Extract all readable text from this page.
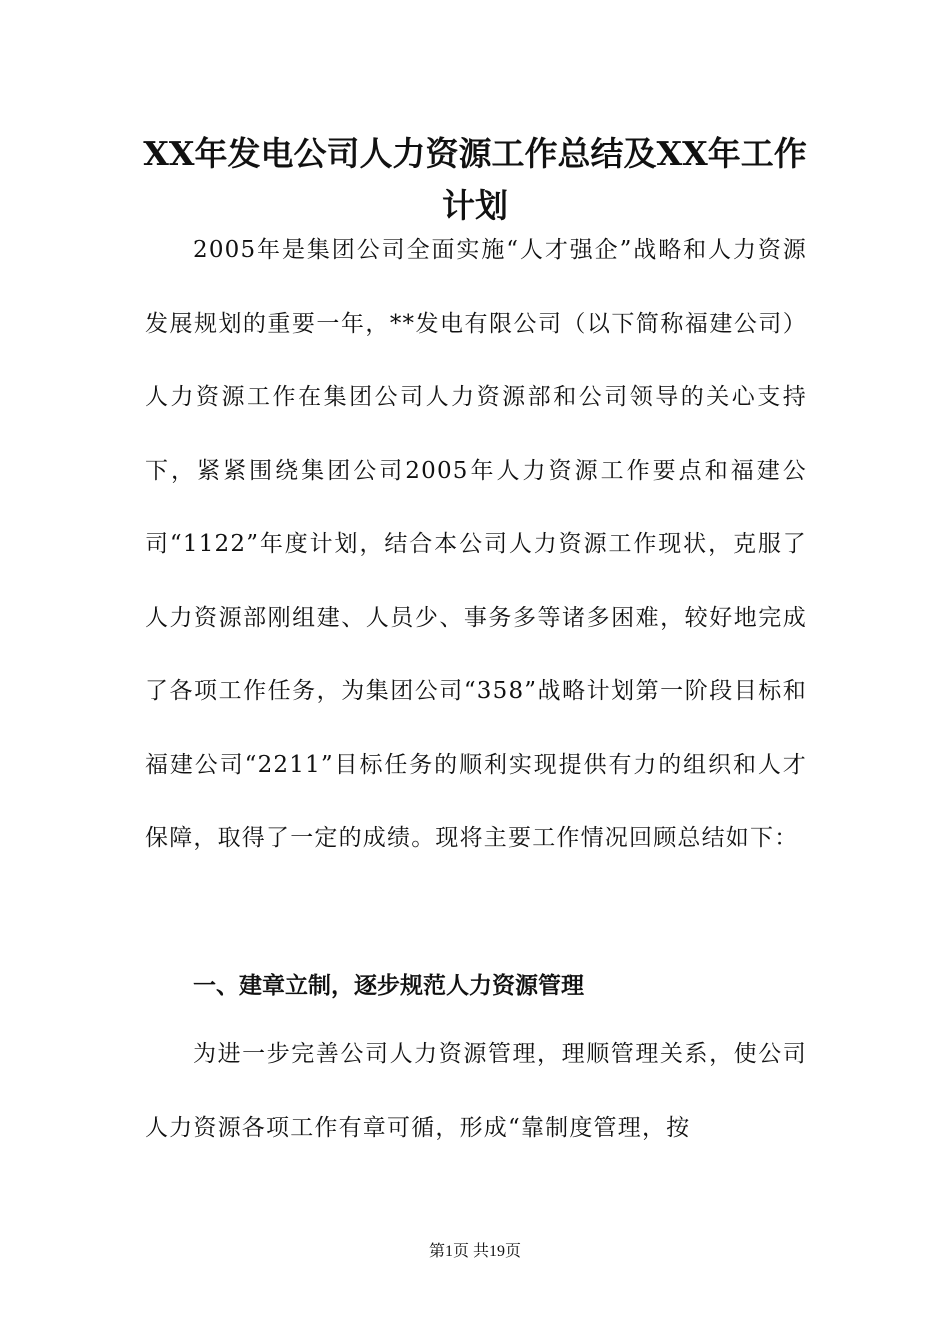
XX年发电公司人力资源工作总结及XX年工作计划

2005年是集团公司全面实施“人才强企”战略和人力资源发展规划的重要一年，**发电有限公司（以下简称福建公司）人力资源工作在集团公司人力资源部和公司领导的关心支持下，紧紧围绕集团公司2005年人力资源工作要点和福建公司“1122”年度计划，结合本公司人力资源工作现状，克服了人力资源部刚组建、人员少、事务多等诸多困难，较好地完成了各项工作任务，为集团公司“358”战略计划第一阶段目标和福建公司“2211”目标任务的顺利实现提供有力的组织和人才保障，取得了一定的成绩。现将主要工作情况回顾总结如下：

一、建章立制，逐步规范人力资源管理

为进一步完善公司人力资源管理，理顺管理关系，使公司人力资源各项工作有章可循，形成“靠制度管理，按

第1页 共19页
